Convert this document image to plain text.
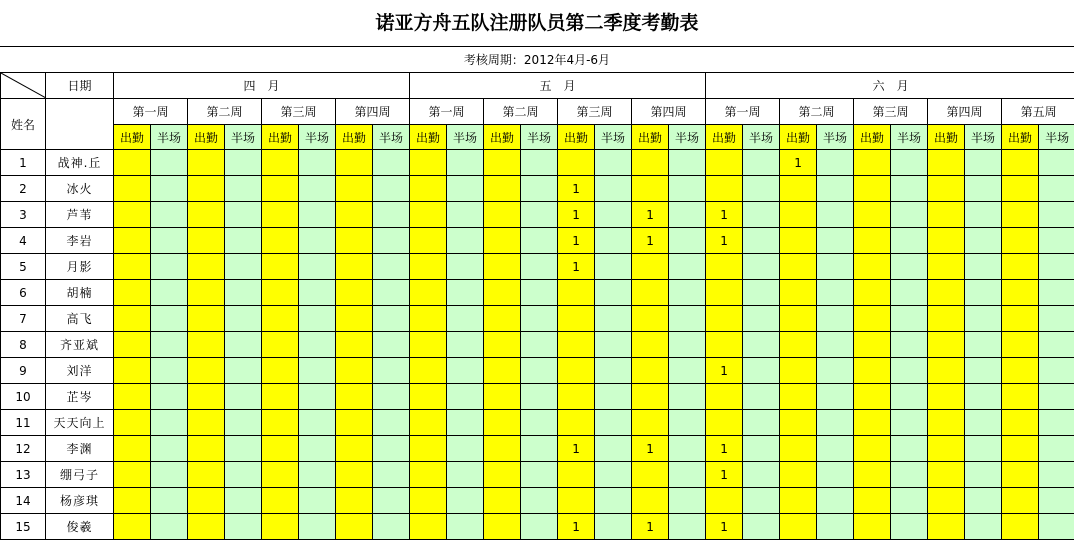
诺亚方舟五队注册队员第二季度考勤表
考核周期：2012年4月-6月
	日期	四　月								五　月								六　月									
姓名		第一周		第二周		第三周		第四周		第一周		第二周		第三周		第四周		第一周		第二周		第三周		第四周		第五周	
		出勤	半场	出勤	半场	出勤	半场	出勤	半场	出勤	半场	出勤	半场	出勤	半场	出勤	半场	出勤	半场	出勤	半场	出勤	半场	出勤	半场	出勤	半场
1	战神.丘																			1							
2	冰火													1													
3	芦苇													1		1		1									
4	李岩													1		1		1									
5	月影													1													
6	胡楠																										
7	高飞																										
8	齐亚斌																										
9	刘洋																	1									
10	芷岑																										
11	天天向上																										
12	李渊													1		1		1									
13	绷弓子																	1									
14	杨彦琪																										
15	俊羲													1		1		1									
